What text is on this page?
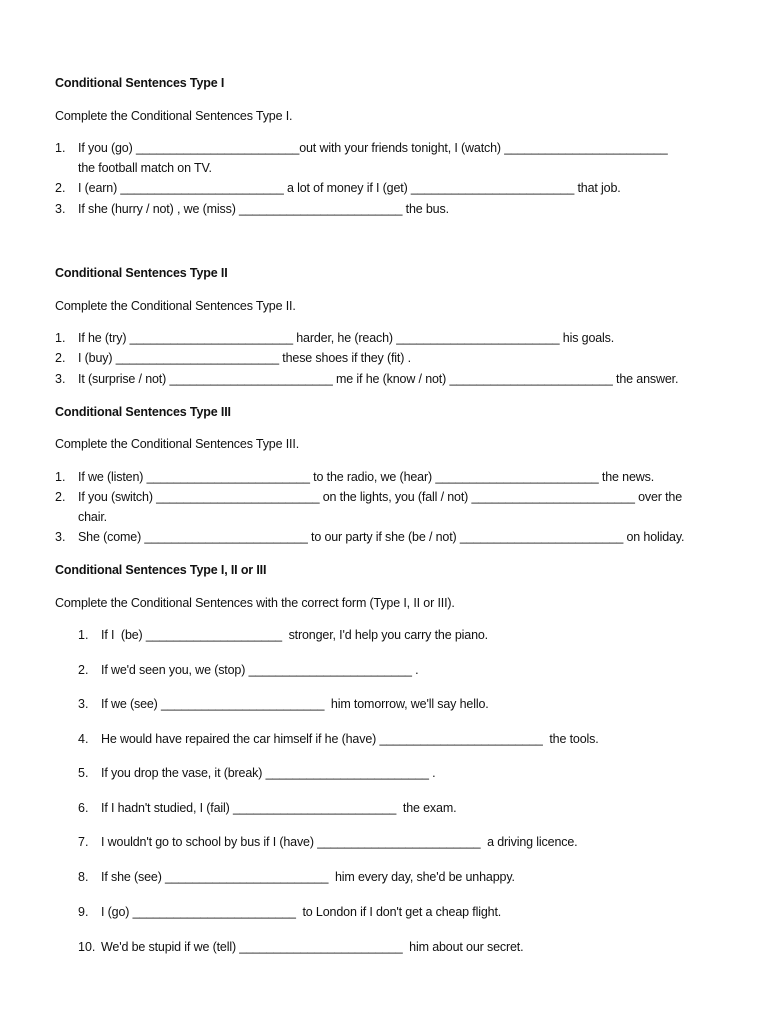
Conditional Sentences Type I
Complete the Conditional Sentences Type I.
1. If you (go) ________________________out with your friends tonight, I (watch) ________________________
the football match on TV.
2. I (earn) ________________________ a lot of money if I (get) ________________________ that job.
3. If she (hurry / not) , we (miss) ________________________ the bus.
Conditional Sentences Type II
Complete the Conditional Sentences Type II.
1. If he (try) ________________________ harder, he (reach) ________________________ his goals.
2. I (buy) ________________________ these shoes if they (fit) .
3. It (surprise / not) ________________________ me if he (know / not) ________________________ the answer.
Conditional Sentences Type III
Complete the Conditional Sentences Type III.
1. If we (listen) ________________________ to the radio, we (hear) ________________________ the news.
2. If you (switch) ________________________ on the lights, you (fall / not) ________________________ over the
chair.
3. She (come) ________________________ to our party if she (be / not) ________________________ on holiday.
Conditional Sentences Type I, II or III
Complete the Conditional Sentences with the correct form (Type I, II or III).
1. If I  (be) ____________________  stronger, I'd help you carry the piano.
2. If we'd seen you, we (stop) ________________________ .
3. If we (see) ________________________  him tomorrow, we'll say hello.
4. He would have repaired the car himself if he (have) ________________________  the tools.
5. If you drop the vase, it (break) ________________________ .
6. If I hadn't studied, I (fail) ________________________  the exam.
7. I wouldn't go to school by bus if I (have) ________________________  a driving licence.
8. If she (see) ________________________  him every day, she'd be unhappy.
9. I (go) ________________________  to London if I don't get a cheap flight.
10. We'd be stupid if we (tell) ________________________  him about our secret.
